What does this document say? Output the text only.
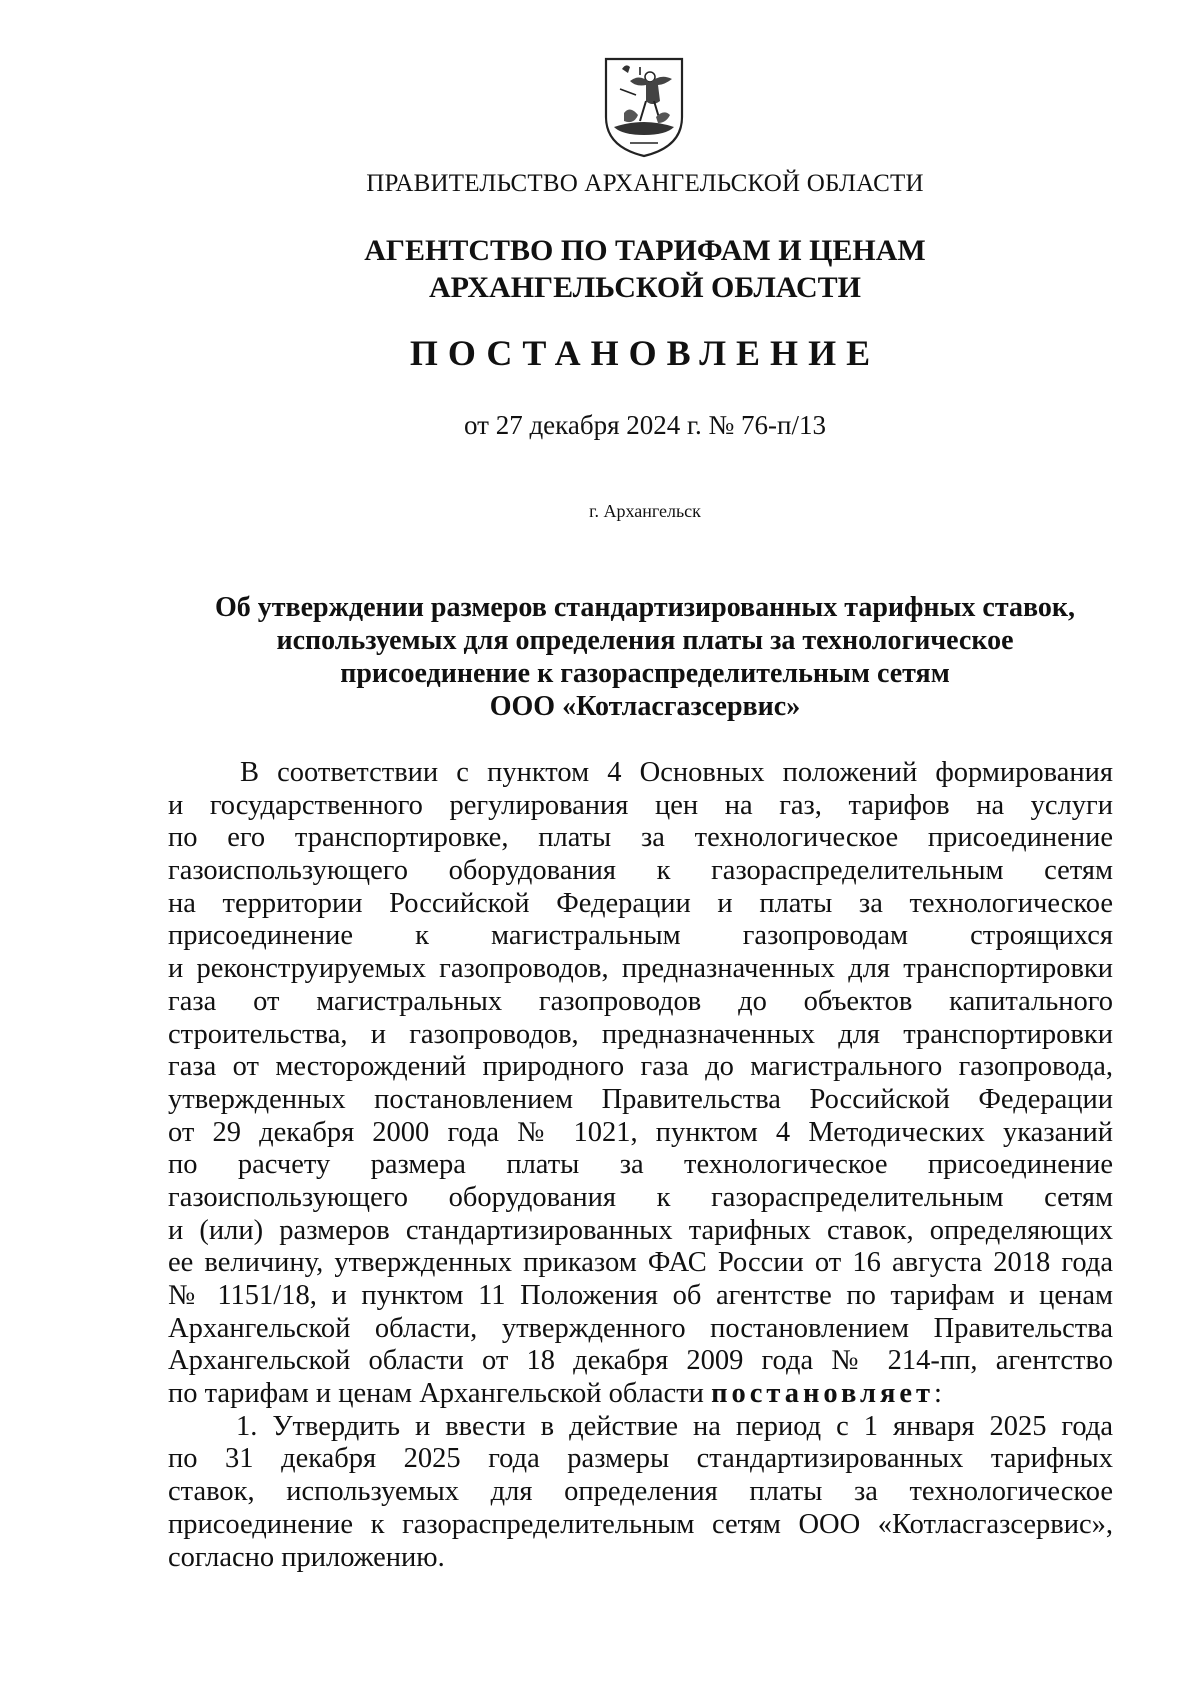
ПРАВИТЕЛЬСТВО АРХАНГЕЛЬСКОЙ ОБЛАСТИ
АГЕНТСТВО ПО ТАРИФАМ И ЦЕНАМ
АРХАНГЕЛЬСКОЙ ОБЛАСТИ
ПОСТАНОВЛЕНИЕ
от 27 декабря 2024 г. № 76-п/13
г. Архангельск
Об утверждении размеров стандартизированных тарифных ставок,
используемых для определения платы за технологическое
присоединение к газораспределительным сетям
ООО «Котласгазсервис»
В соответствии с пунктом 4 Основных положений формирования
и государственного регулирования цен на газ, тарифов на услуги
по его транспортировке, платы за технологическое присоединение
газоиспользующего оборудования к газораспределительным сетям
на территории Российской Федерации и платы за технологическое
присоединение к магистральным газопроводам строящихся
и реконструируемых газопроводов, предназначенных для транспортировки
газа от магистральных газопроводов до объектов капитального
строительства, и газопроводов, предназначенных для транспортировки
газа от месторождений природного газа до магистрального газопровода,
утвержденных постановлением Правительства Российской Федерации
от 29 декабря 2000 года № 1021, пунктом 4 Методических указаний
по расчету размера платы за технологическое присоединение
газоиспользующего оборудования к газораспределительным сетям
и (или) размеров стандартизированных тарифных ставок, определяющих
ее величину, утвержденных приказом ФАС России от 16 августа 2018 года
№ 1151/18, и пунктом 11 Положения об агентстве по тарифам и ценам
Архангельской области, утвержденного постановлением Правительства
Архангельской области от 18 декабря 2009 года № 214-пп, агентство
по тарифам и ценам Архангельской области постановляет:
1. Утвердить и ввести в действие на период с 1 января 2025 года
по 31 декабря 2025 года размеры стандартизированных тарифных
ставок, используемых для определения платы за технологическое
присоединение к газораспределительным сетям ООО «Котласгазсервис»,
согласно приложению.
